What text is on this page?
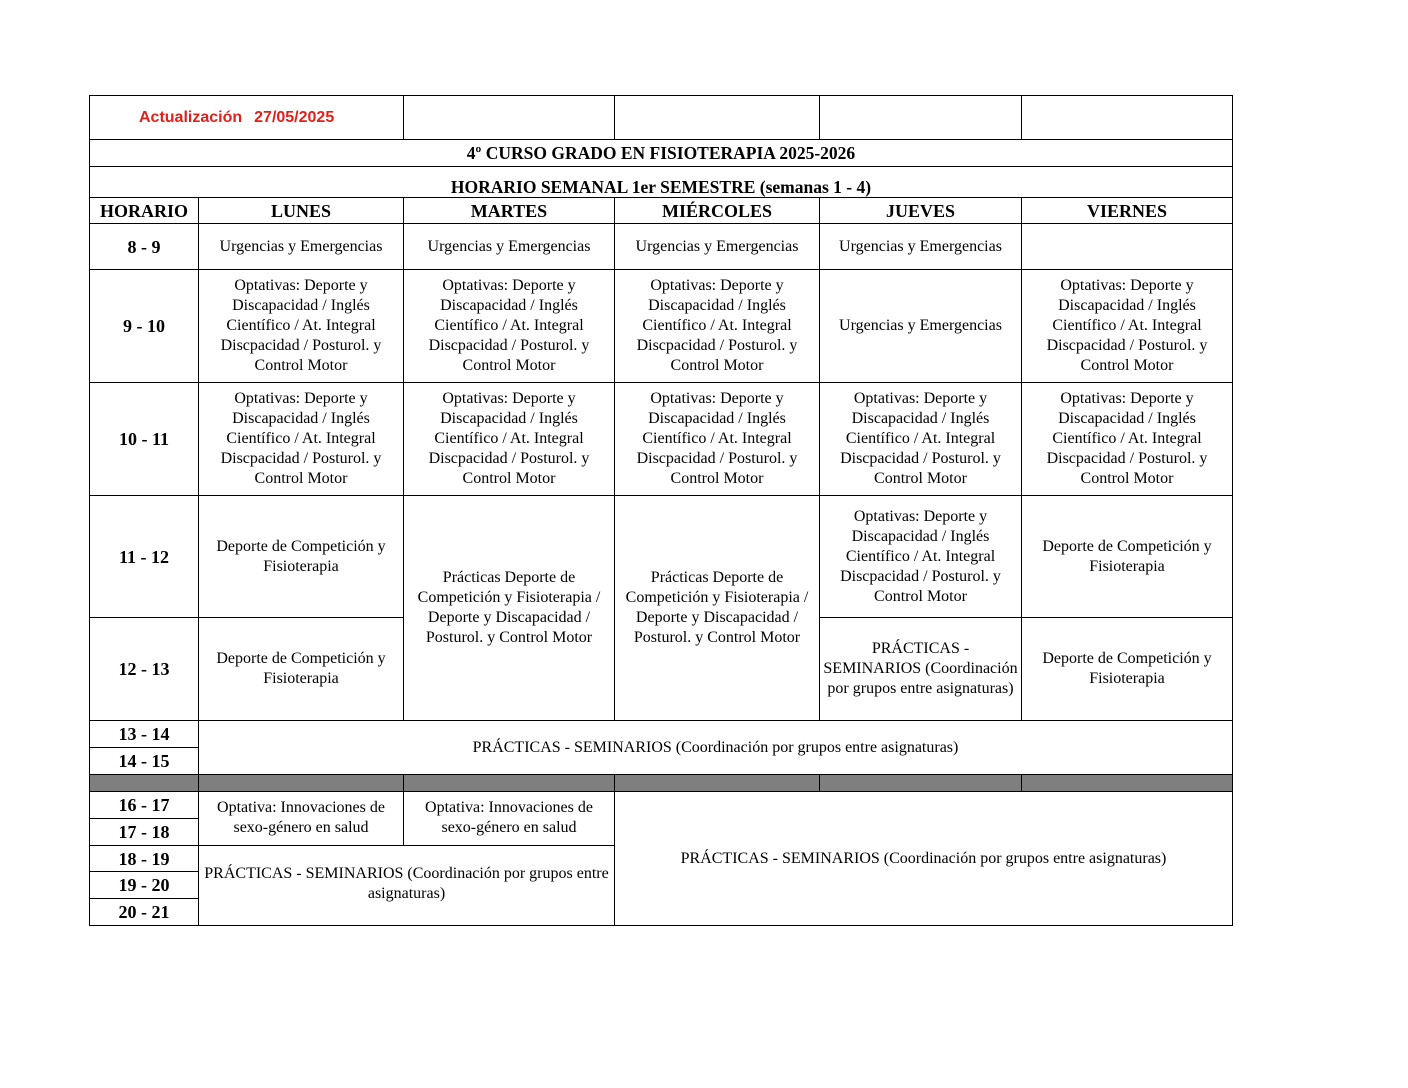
Actualización 27/05/2025					
4º CURSO GRADO EN FISIOTERAPIA 2025-2026					
HORARIO SEMANAL 1er SEMESTRE (semanas 1 - 4)					
HORARIO	LUNES	MARTES	MIÉRCOLES	JUEVES	VIERNES
8 - 9	Urgencias y Emergencias	Urgencias y Emergencias	Urgencias y Emergencias	Urgencias y Emergencias	
9 - 10	Optativas: Deporte y Discapacidad / Inglés Científico / At. Integral Discpacidad / Posturol. y Control Motor	Optativas: Deporte y Discapacidad / Inglés Científico / At. Integral Discpacidad / Posturol. y Control Motor	Optativas: Deporte y Discapacidad / Inglés Científico / At. Integral Discpacidad / Posturol. y Control Motor	Urgencias y Emergencias	Optativas: Deporte y Discapacidad / Inglés Científico / At. Integral Discpacidad / Posturol. y Control Motor
10 - 11	Optativas: Deporte y Discapacidad / Inglés Científico / At. Integral Discpacidad / Posturol. y Control Motor	Optativas: Deporte y Discapacidad / Inglés Científico / At. Integral Discpacidad / Posturol. y Control Motor	Optativas: Deporte y Discapacidad / Inglés Científico / At. Integral Discpacidad / Posturol. y Control Motor	Optativas: Deporte y Discapacidad / Inglés Científico / At. Integral Discpacidad / Posturol. y Control Motor	Optativas: Deporte y Discapacidad / Inglés Científico / At. Integral Discpacidad / Posturol. y Control Motor
11 - 12	Deporte de Competición y Fisioterapia	Prácticas Deporte de Competición y Fisioterapia / Deporte y Discapacidad / Posturol. y Control Motor	Prácticas Deporte de Competición y Fisioterapia / Deporte y Discapacidad / Posturol. y Control Motor	Optativas: Deporte y Discapacidad / Inglés Científico / At. Integral Discpacidad / Posturol. y Control Motor	Deporte de Competición y Fisioterapia
12 - 13	Deporte de Competición y Fisioterapia			PRÁCTICAS - SEMINARIOS (Coordinación por grupos entre asignaturas)	Deporte de Competición y Fisioterapia
13 - 14	PRÁCTICAS - SEMINARIOS (Coordinación por grupos entre asignaturas)				
14 - 15					

16 - 17	Optativa: Innovaciones de sexo-género en salud	Optativa: Innovaciones de sexo-género en salud	PRÁCTICAS - SEMINARIOS (Coordinación por grupos entre asignaturas)		
17 - 18					
18 - 19	PRÁCTICAS - SEMINARIOS (Coordinación por grupos entre asignaturas)				
19 - 20					
20 - 21					
